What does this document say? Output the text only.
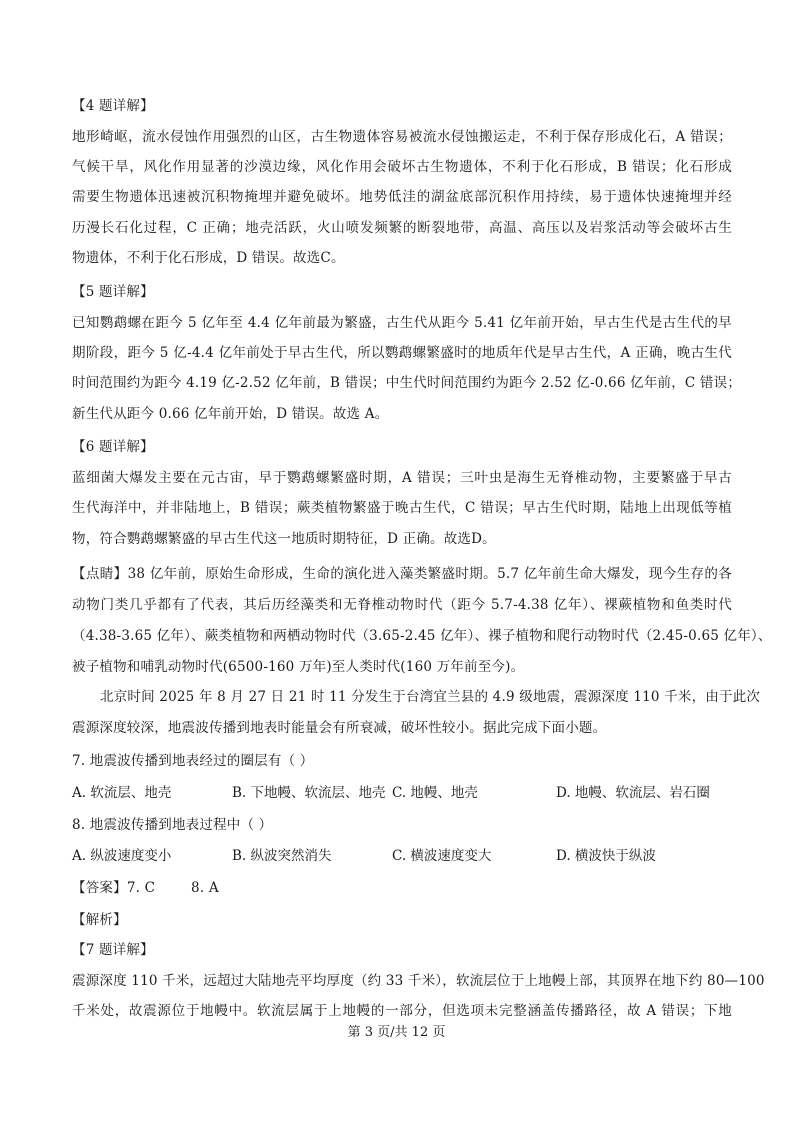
【4 题详解】
地形崎岖，流水侵蚀作用强烈的山区，古生物遗体容易被流水侵蚀搬运走，不利于保存形成化石，A 错误；
气候干旱，风化作用显著的沙漠边缘，风化作用会破坏古生物遗体，不利于化石形成，B 错误；化石形成
需要生物遗体迅速被沉积物掩埋并避免破坏。地势低洼的湖盆底部沉积作用持续，易于遗体快速掩埋并经
历漫长石化过程，C 正确；地壳活跃，火山喷发频繁的断裂地带，高温、高压以及岩浆活动等会破坏古生
物遗体，不利于化石形成，D 错误。故选C。
【5 题详解】
已知鹦鹉螺在距今 5 亿年至 4.4 亿年前最为繁盛，古生代从距今 5.41 亿年前开始，早古生代是古生代的早
期阶段，距今 5 亿-4.4 亿年前处于早古生代，所以鹦鹉螺繁盛时的地质年代是早古生代，A 正确，晚古生代
时间范围约为距今 4.19 亿-2.52 亿年前，B 错误；中生代时间范围约为距今 2.52 亿-0.66 亿年前，C 错误；
新生代从距今 0.66 亿年前开始，D 错误。故选 A。
【6 题详解】
蓝细菌大爆发主要在元古宙，早于鹦鹉螺繁盛时期，A 错误；三叶虫是海生无脊椎动物，主要繁盛于早古
生代海洋中，并非陆地上，B 错误；蕨类植物繁盛于晚古生代，C 错误；早古生代时期，陆地上出现低等植
物，符合鹦鹉螺繁盛的早古生代这一地质时期特征，D 正确。故选D。
【点睛】38 亿年前，原始生命形成，生命的演化进入藻类繁盛时期。5.7 亿年前生命大爆发，现今生存的各
动物门类几乎都有了代表，其后历经藻类和无脊椎动物时代（距今 5.7-4.38 亿年）、裸蕨植物和鱼类时代
（4.38-3.65 亿年）、蕨类植物和两栖动物时代（3.65-2.45 亿年）、裸子植物和爬行动物时代（2.45-0.65 亿年）、
被子植物和哺乳动物时代(6500-160 万年)至人类时代(160 万年前至今)。
北京时间 2025 年 8 月 27 日 21 时 11 分发生于台湾宜兰县的 4.9 级地震，震源深度 110 千米，由于此次
震源深度较深，地震波传播到地表时能量会有所衰减，破坏性较小。据此完成下面小题。
7. 地震波传播到地表经过的圈层有（ ）
A. 软流层、地壳	B. 下地幔、软流层、地壳 C. 地幔、地壳	D. 地幔、软流层、岩石圈
8. 地震波传播到地表过程中（ ）
A. 纵波速度变小	B. 纵波突然消失	C. 横波速度变大	D. 横波快于纵波
【答案】7. C        8. A
【解析】
【7 题详解】
震源深度 110 千米，远超过大陆地壳平均厚度（约 33 千米），软流层位于上地幔上部，其顶界在地下约 80—100
千米处，故震源位于地幔中。软流层属于上地幔的一部分，但选项未完整涵盖传播路径，故 A 错误；下地
第 3 页/共 12 页
